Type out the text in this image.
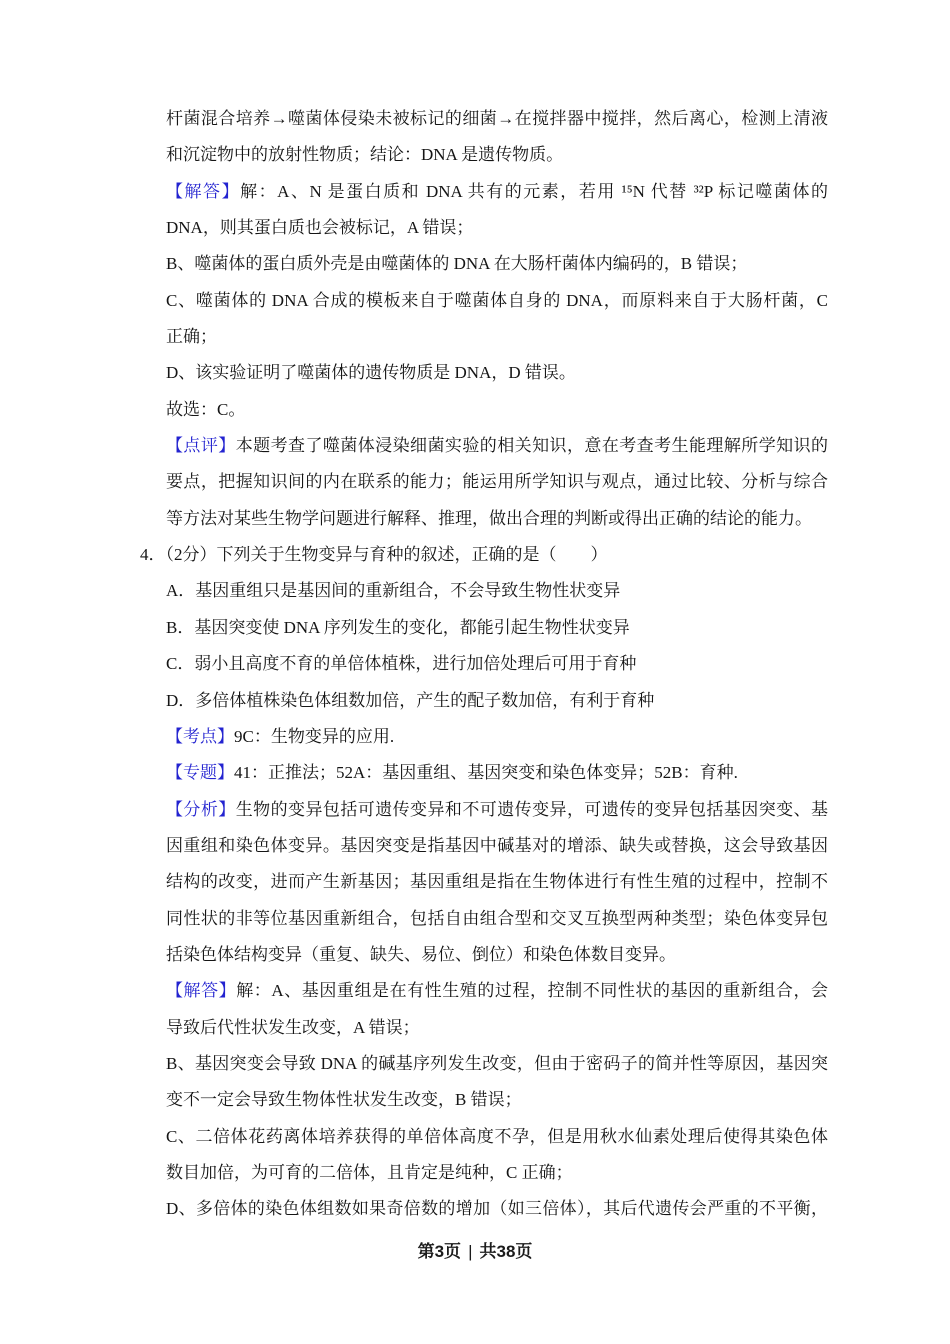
杆菌混合培养→噬菌体侵染未被标记的细菌→在搅拌器中搅拌，然后离心，检测上清液
和沉淀物中的放射性物质；结论：DNA 是遗传物质。
【解答】解：A、N 是蛋白质和 DNA 共有的元素，若用 ¹⁵N 代替 ³²P 标记噬菌体的
DNA，则其蛋白质也会被标记，A 错误；
B、噬菌体的蛋白质外壳是由噬菌体的 DNA 在大肠杆菌体内编码的，B 错误；
C、噬菌体的 DNA 合成的模板来自于噬菌体自身的 DNA，而原料来自于大肠杆菌，C
正确；
D、该实验证明了噬菌体的遗传物质是 DNA，D 错误。
故选：C。
【点评】本题考查了噬菌体浸染细菌实验的相关知识，意在考查考生能理解所学知识的
要点，把握知识间的内在联系的能力；能运用所学知识与观点，通过比较、分析与综合
等方法对某些生物学问题进行解释、推理，做出合理的判断或得出正确的结论的能力。
4．（2分）下列关于生物变异与育种的叙述，正确的是（　　）
A．基因重组只是基因间的重新组合，不会导致生物性状变异
B．基因突变使 DNA 序列发生的变化，都能引起生物性状变异
C．弱小且高度不育的单倍体植株，进行加倍处理后可用于育种
D．多倍体植株染色体组数加倍，产生的配子数加倍，有利于育种
【考点】9C：生物变异的应用.
【专题】41：正推法；52A：基因重组、基因突变和染色体变异；52B：育种.
【分析】生物的变异包括可遗传变异和不可遗传变异，可遗传的变异包括基因突变、基
因重组和染色体变异。基因突变是指基因中碱基对的增添、缺失或替换，这会导致基因
结构的改变，进而产生新基因；基因重组是指在生物体进行有性生殖的过程中，控制不
同性状的非等位基因重新组合，包括自由组合型和交叉互换型两种类型；染色体变异包
括染色体结构变异（重复、缺失、易位、倒位）和染色体数目变异。
【解答】解：A、基因重组是在有性生殖的过程，控制不同性状的基因的重新组合，会
导致后代性状发生改变，A 错误；
B、基因突变会导致 DNA 的碱基序列发生改变，但由于密码子的简并性等原因，基因突
变不一定会导致生物体性状发生改变，B 错误；
C、二倍体花药离体培养获得的单倍体高度不孕，但是用秋水仙素处理后使得其染色体
数目加倍，为可育的二倍体，且肯定是纯种，C 正确；
D、多倍体的染色体组数如果奇倍数的增加（如三倍体），其后代遗传会严重的不平衡，
第3页 | 共38页
